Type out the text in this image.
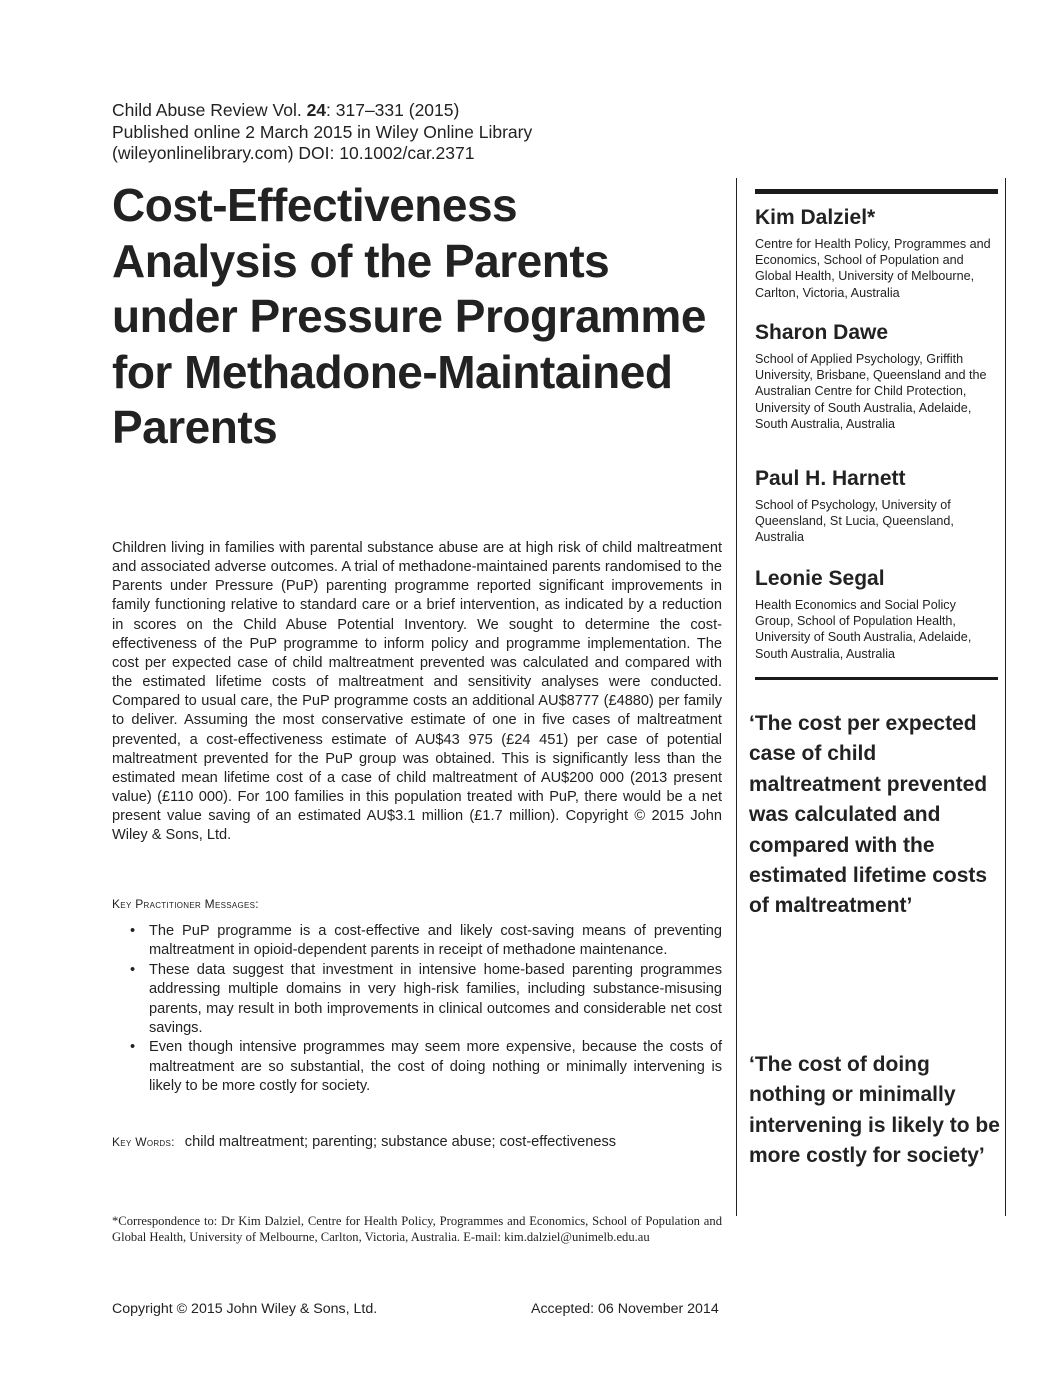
Child Abuse Review Vol. 24: 317–331 (2015)
Published online 2 March 2015 in Wiley Online Library
(wileyonlinelibrary.com) DOI: 10.1002/car.2371
Cost-Effectiveness Analysis of the Parents under Pressure Programme for Methadone-Maintained Parents

Children living in families with parental substance abuse are at high risk of child maltreatment and associated adverse outcomes. A trial of methadone-maintained parents randomised to the Parents under Pressure (PuP) parenting programme reported significant improvements in family functioning relative to standard care or a brief intervention, as indicated by a reduction in scores on the Child Abuse Potential Inventory. We sought to determine the cost-effectiveness of the PuP programme to inform policy and programme implementation. The cost per expected case of child maltreatment prevented was calculated and compared with the estimated lifetime costs of maltreatment and sensitivity analyses were conducted. Compared to usual care, the PuP programme costs an additional AU$8777 (£4880) per family to deliver. Assuming the most conservative estimate of one in five cases of maltreatment prevented, a cost-effectiveness estimate of AU$43 975 (£24 451) per case of potential maltreatment prevented for the PuP group was obtained. This is significantly less than the estimated mean lifetime cost of a case of child maltreatment of AU$200 000 (2013 present value) (£110 000). For 100 families in this population treated with PuP, there would be a net present value saving of an estimated AU$3.1 million (£1.7 million). Copyright © 2015 John Wiley & Sons, Ltd.

Key Practitioner Messages:
• The PuP programme is a cost-effective and likely cost-saving means of preventing maltreatment in opioid-dependent parents in receipt of methadone maintenance.
• These data suggest that investment in intensive home-based parenting programmes addressing multiple domains in very high-risk families, including substance-misusing parents, may result in both improvements in clinical outcomes and considerable net cost savings.
• Even though intensive programmes may seem more expensive, because the costs of maltreatment are so substantial, the cost of doing nothing or minimally intervening is likely to be more costly for society.
Key Words: child maltreatment; parenting; substance abuse; cost-effectiveness

*Correspondence to: Dr Kim Dalziel, Centre for Health Policy, Programmes and Economics, School of Population and Global Health, University of Melbourne, Carlton, Victoria, Australia. E-mail: kim.dalziel@unimelb.edu.au

Copyright © 2015 John Wiley & Sons, Ltd.	Accepted: 06 November 2014
Kim Dalziel*
Centre for Health Policy, Programmes and Economics, School of Population and Global Health, University of Melbourne, Carlton, Victoria, Australia
Sharon Dawe
School of Applied Psychology, Griffith University, Brisbane, Queensland and the Australian Centre for Child Protection, University of South Australia, Adelaide, South Australia, Australia
Paul H. Harnett
School of Psychology, University of Queensland, St Lucia, Queensland, Australia
Leonie Segal
Health Economics and Social Policy Group, School of Population Health, University of South Australia, Adelaide, South Australia, Australia
‘The cost per expected case of child maltreatment prevented was calculated and compared with the estimated lifetime costs of maltreatment’
‘The cost of doing nothing or minimally intervening is likely to be more costly for society’
